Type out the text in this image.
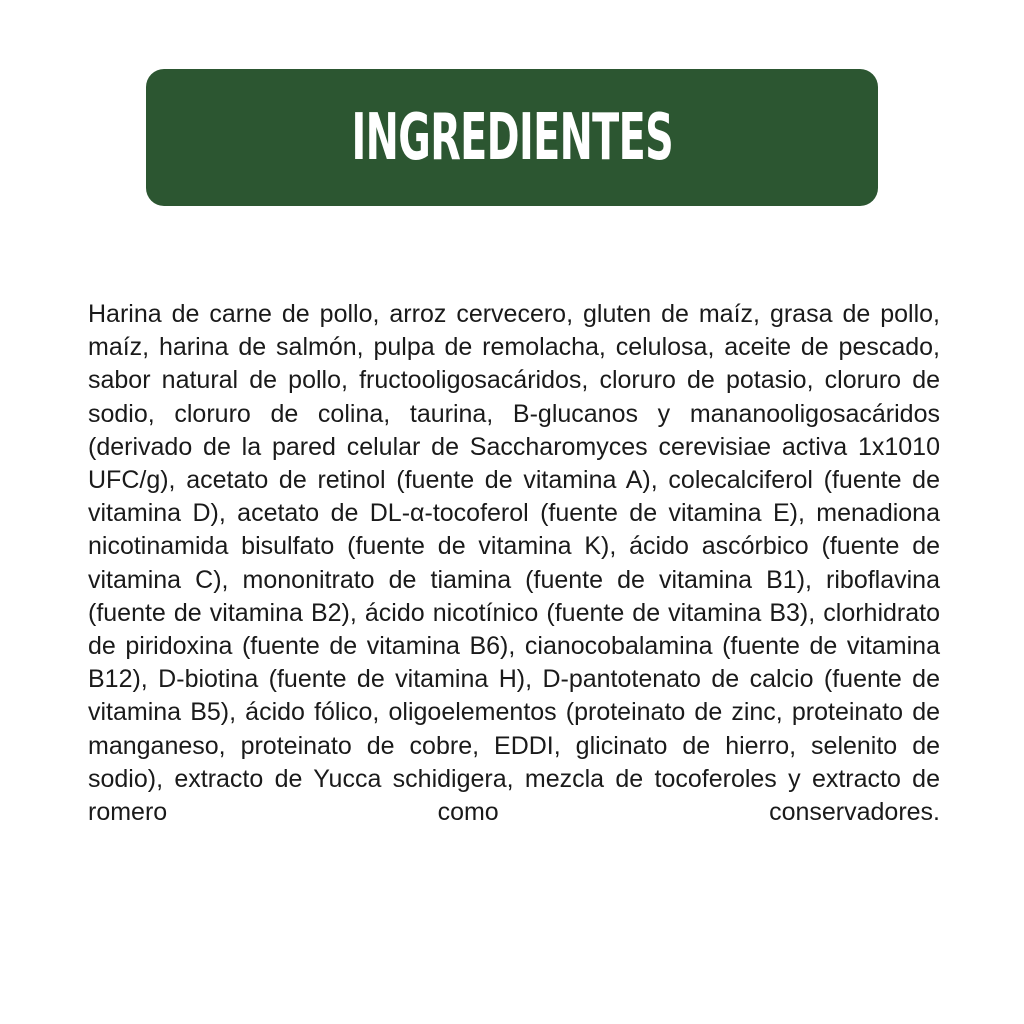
INGREDIENTES

Harina de carne de pollo, arroz cervecero, gluten de maíz, grasa de pollo, maíz, harina de salmón, pulpa de remolacha, celulosa, aceite de pescado, sabor natural de pollo, fructooligosacáridos, cloruro de potasio, cloruro de sodio, cloruro de colina, taurina, B-glucanos y mananooligosacáridos (derivado de la pared celular de Saccharomyces cerevisiae activa 1x1010 UFC/g), acetato de retinol (fuente de vitamina A), colecalciferol (fuente de vitamina D), acetato de DL-α-tocoferol (fuente de vitamina E), menadiona nicotinamida bisulfato (fuente de vitamina K), ácido ascórbico (fuente de vitamina C), mononitrato de tiamina (fuente de vitamina B1), riboflavina (fuente de vitamina B2), ácido nicotínico (fuente de vitamina B3), clorhidrato de piridoxina (fuente de vitamina B6), cianocobalamina (fuente de vitamina B12), D-biotina (fuente de vitamina H), D-pantotenato de calcio (fuente de vitamina B5), ácido fólico, oligoelementos (proteinato de zinc, proteinato de manganeso, proteinato de cobre, EDDI, glicinato de hierro, selenito de sodio), extracto de Yucca schidigera, mezcla de tocoferoles y extracto de romero como conservadores.
